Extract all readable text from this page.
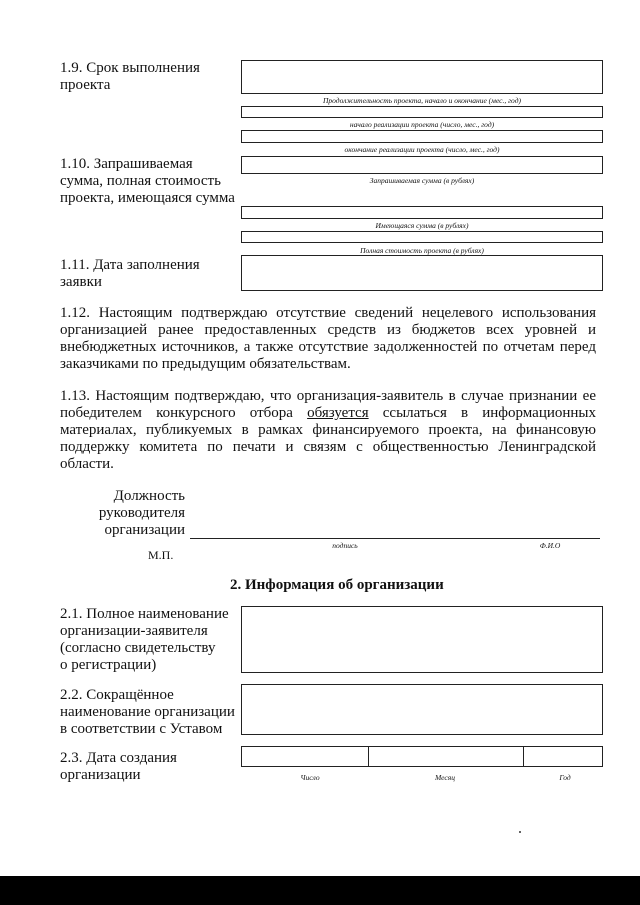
1.9. Срок выполнения
проекта
Продолжительность проекта, начало и окончание (мес., год)
начало реализации проекта (число, мес., год)
окончание реализации проекта (число, мес., год)
1.10. Запрашиваемая
сумма, полная стоимость
проекта, имеющаяся сумма
Запрашиваемая сумма (в рублях)
Имеющаяся сумма (в рублях)
Полная стоимость проекта (в рублях)
1.11. Дата заполнения
заявки
1.12. Настоящим подтверждаю отсутствие сведений нецелевого использования организацией ранее предоставленных средств из бюджетов всех уровней и внебюджетных источников, а также отсутствие задолженностей по отчетам перед заказчиками по предыдущим обязательствам.
1.13. Настоящим подтверждаю, что организация-заявитель в случае признании ее победителем конкурсного отбора обязуется ссылаться в информационных материалах, публикуемых в рамках финансируемого проекта, на финансовую поддержку комитета по печати и связям с общественностью Ленинградской области.
Должность
руководителя
организации
подпись	Ф.И.О
М.П.
2. Информация об организации
2.1. Полное наименование
организации-заявителя
(согласно свидетельству
о регистрации)
2.2. Сокращённое
наименование организации
в соответствии с Уставом
2.3. Дата создания
организации	Число	Месяц	Год
